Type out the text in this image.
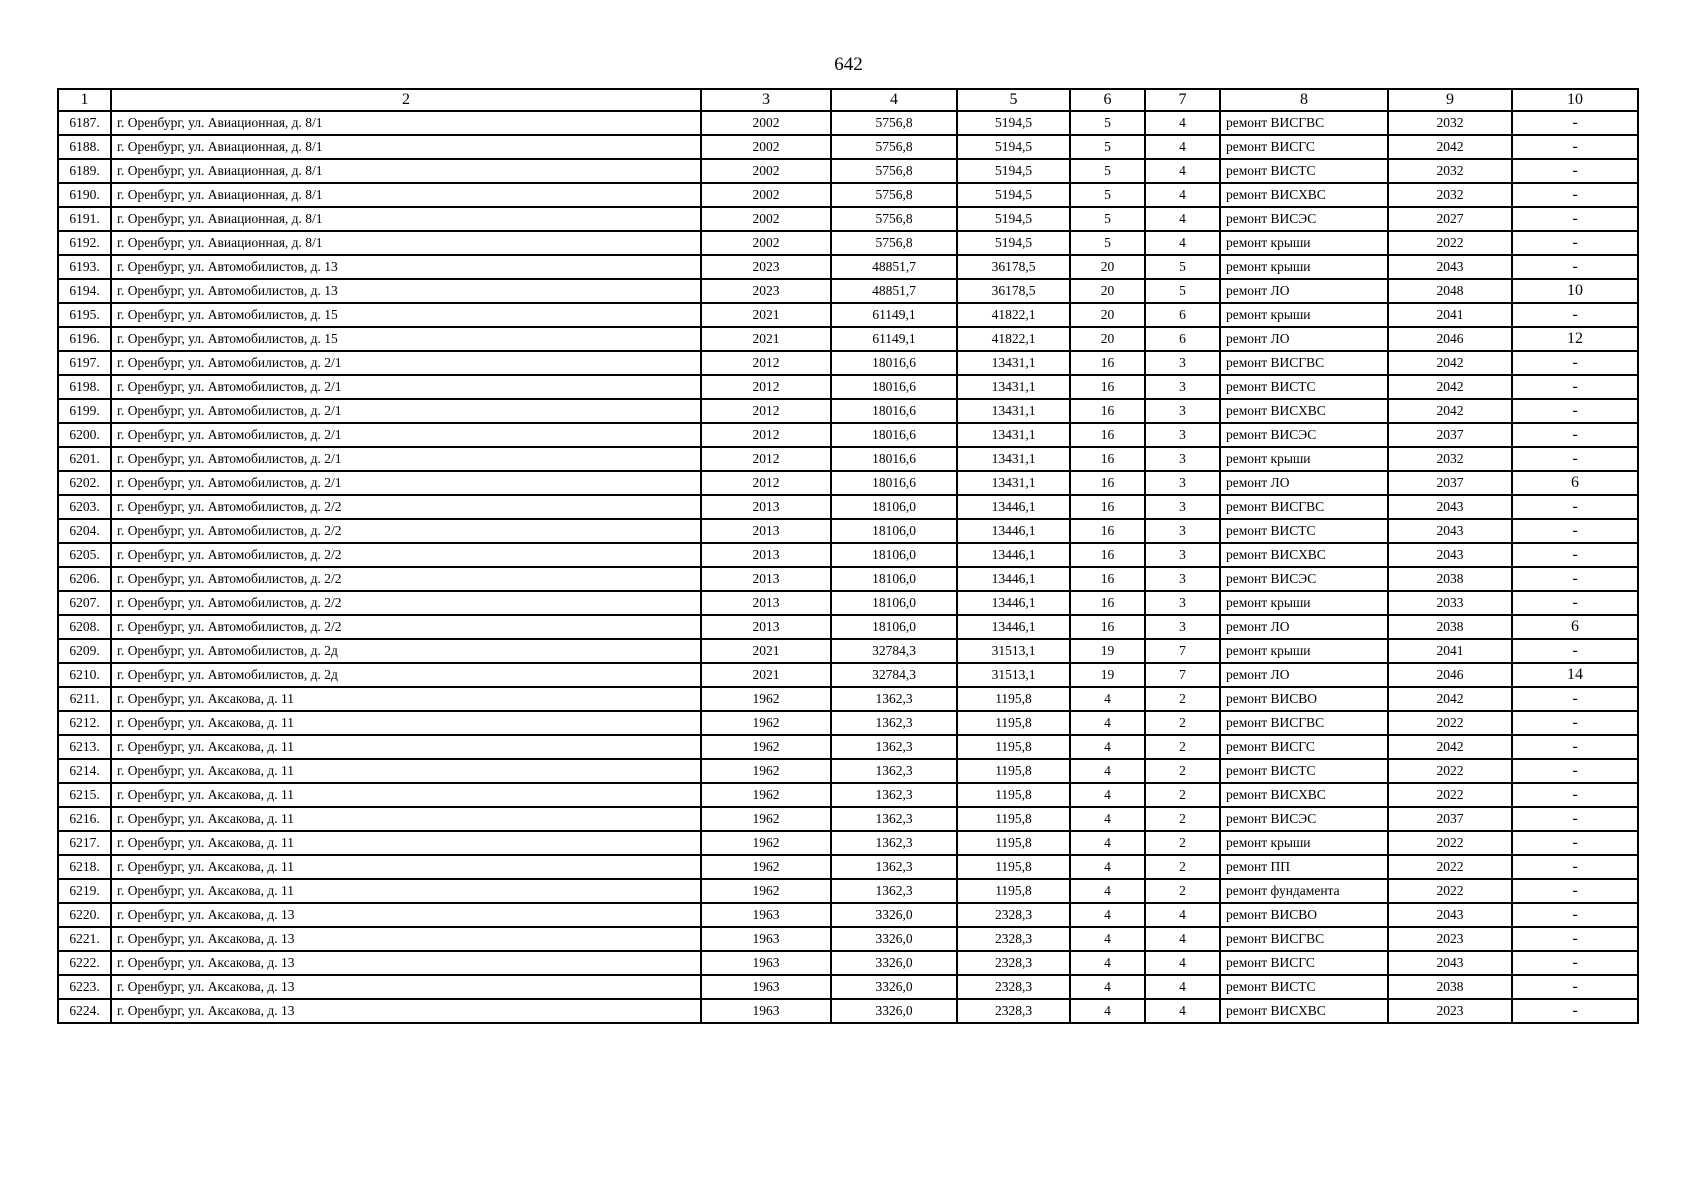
642
1	2	3	4	5	6	7	8	9	10
6187.	г. Оренбург, ул. Авиационная, д. 8/1	2002	5756,8	5194,5	5	4	ремонт ВИСГВС	2032	-
6188.	г. Оренбург, ул. Авиационная, д. 8/1	2002	5756,8	5194,5	5	4	ремонт ВИСГС	2042	-
6189.	г. Оренбург, ул. Авиационная, д. 8/1	2002	5756,8	5194,5	5	4	ремонт ВИСТС	2032	-
6190.	г. Оренбург, ул. Авиационная, д. 8/1	2002	5756,8	5194,5	5	4	ремонт ВИСХВС	2032	-
6191.	г. Оренбург, ул. Авиационная, д. 8/1	2002	5756,8	5194,5	5	4	ремонт ВИСЭС	2027	-
6192.	г. Оренбург, ул. Авиационная, д. 8/1	2002	5756,8	5194,5	5	4	ремонт крыши	2022	-
6193.	г. Оренбург, ул. Автомобилистов, д. 13	2023	48851,7	36178,5	20	5	ремонт крыши	2043	-
6194.	г. Оренбург, ул. Автомобилистов, д. 13	2023	48851,7	36178,5	20	5	ремонт ЛО	2048	10
6195.	г. Оренбург, ул. Автомобилистов, д. 15	2021	61149,1	41822,1	20	6	ремонт крыши	2041	-
6196.	г. Оренбург, ул. Автомобилистов, д. 15	2021	61149,1	41822,1	20	6	ремонт ЛО	2046	12
6197.	г. Оренбург, ул. Автомобилистов, д. 2/1	2012	18016,6	13431,1	16	3	ремонт ВИСГВС	2042	-
6198.	г. Оренбург, ул. Автомобилистов, д. 2/1	2012	18016,6	13431,1	16	3	ремонт ВИСТС	2042	-
6199.	г. Оренбург, ул. Автомобилистов, д. 2/1	2012	18016,6	13431,1	16	3	ремонт ВИСХВС	2042	-
6200.	г. Оренбург, ул. Автомобилистов, д. 2/1	2012	18016,6	13431,1	16	3	ремонт ВИСЭС	2037	-
6201.	г. Оренбург, ул. Автомобилистов, д. 2/1	2012	18016,6	13431,1	16	3	ремонт крыши	2032	-
6202.	г. Оренбург, ул. Автомобилистов, д. 2/1	2012	18016,6	13431,1	16	3	ремонт ЛО	2037	6
6203.	г. Оренбург, ул. Автомобилистов, д. 2/2	2013	18106,0	13446,1	16	3	ремонт ВИСГВС	2043	-
6204.	г. Оренбург, ул. Автомобилистов, д. 2/2	2013	18106,0	13446,1	16	3	ремонт ВИСТС	2043	-
6205.	г. Оренбург, ул. Автомобилистов, д. 2/2	2013	18106,0	13446,1	16	3	ремонт ВИСХВС	2043	-
6206.	г. Оренбург, ул. Автомобилистов, д. 2/2	2013	18106,0	13446,1	16	3	ремонт ВИСЭС	2038	-
6207.	г. Оренбург, ул. Автомобилистов, д. 2/2	2013	18106,0	13446,1	16	3	ремонт крыши	2033	-
6208.	г. Оренбург, ул. Автомобилистов, д. 2/2	2013	18106,0	13446,1	16	3	ремонт ЛО	2038	6
6209.	г. Оренбург, ул. Автомобилистов, д. 2д	2021	32784,3	31513,1	19	7	ремонт крыши	2041	-
6210.	г. Оренбург, ул. Автомобилистов, д. 2д	2021	32784,3	31513,1	19	7	ремонт ЛО	2046	14
6211.	г. Оренбург, ул. Аксакова, д. 11	1962	1362,3	1195,8	4	2	ремонт ВИСВО	2042	-
6212.	г. Оренбург, ул. Аксакова, д. 11	1962	1362,3	1195,8	4	2	ремонт ВИСГВС	2022	-
6213.	г. Оренбург, ул. Аксакова, д. 11	1962	1362,3	1195,8	4	2	ремонт ВИСГС	2042	-
6214.	г. Оренбург, ул. Аксакова, д. 11	1962	1362,3	1195,8	4	2	ремонт ВИСТС	2022	-
6215.	г. Оренбург, ул. Аксакова, д. 11	1962	1362,3	1195,8	4	2	ремонт ВИСХВС	2022	-
6216.	г. Оренбург, ул. Аксакова, д. 11	1962	1362,3	1195,8	4	2	ремонт ВИСЭС	2037	-
6217.	г. Оренбург, ул. Аксакова, д. 11	1962	1362,3	1195,8	4	2	ремонт крыши	2022	-
6218.	г. Оренбург, ул. Аксакова, д. 11	1962	1362,3	1195,8	4	2	ремонт ПП	2022	-
6219.	г. Оренбург, ул. Аксакова, д. 11	1962	1362,3	1195,8	4	2	ремонт фундамента	2022	-
6220.	г. Оренбург, ул. Аксакова, д. 13	1963	3326,0	2328,3	4	4	ремонт ВИСВО	2043	-
6221.	г. Оренбург, ул. Аксакова, д. 13	1963	3326,0	2328,3	4	4	ремонт ВИСГВС	2023	-
6222.	г. Оренбург, ул. Аксакова, д. 13	1963	3326,0	2328,3	4	4	ремонт ВИСГС	2043	-
6223.	г. Оренбург, ул. Аксакова, д. 13	1963	3326,0	2328,3	4	4	ремонт ВИСТС	2038	-
6224.	г. Оренбург, ул. Аксакова, д. 13	1963	3326,0	2328,3	4	4	ремонт ВИСХВС	2023	-
